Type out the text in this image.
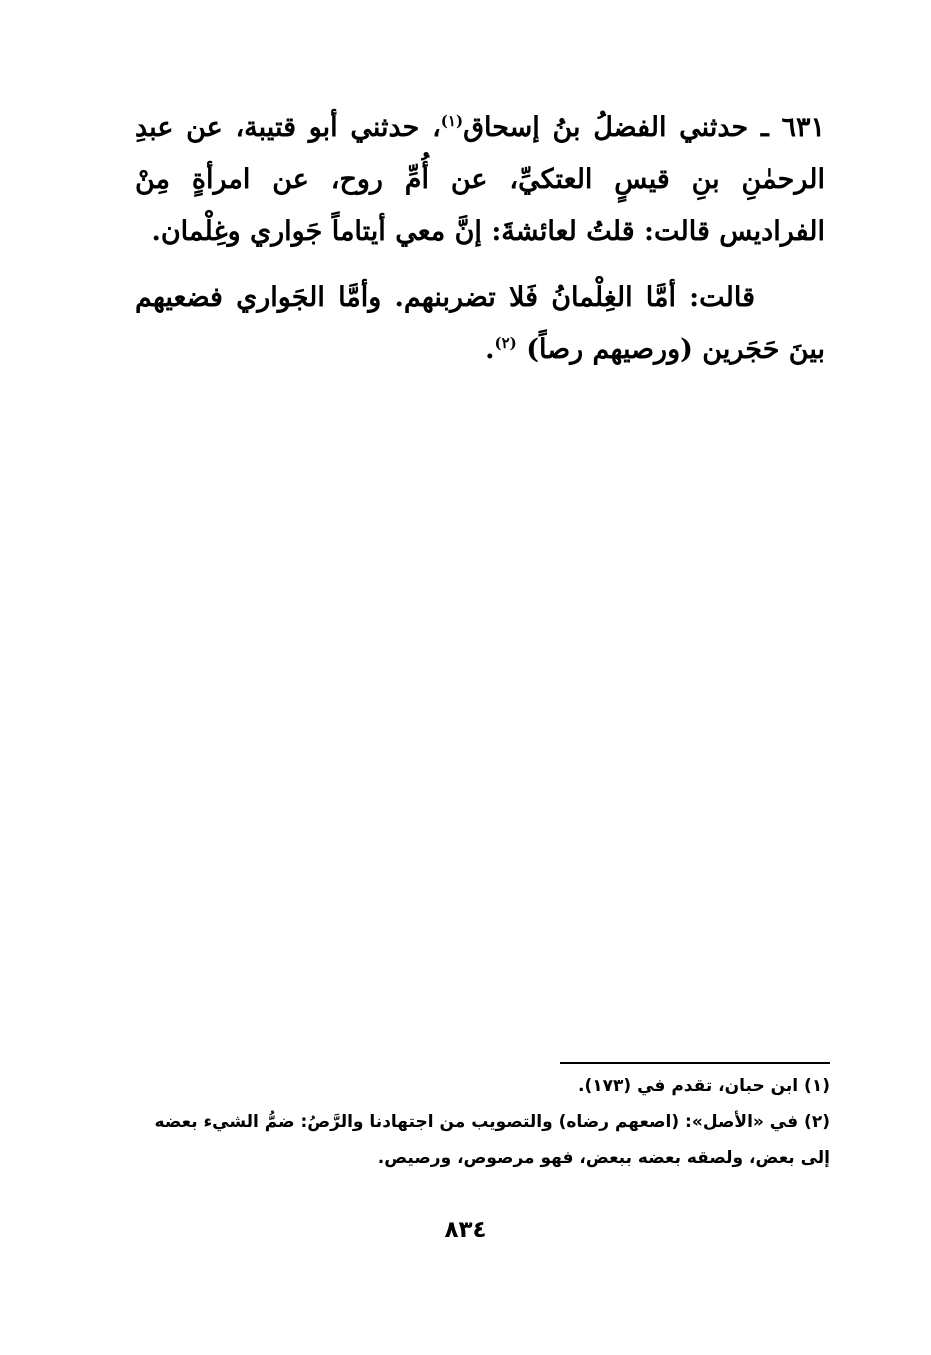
٦٣١ ـ حدثني الفضلُ بنُ إسحاق$^{(١)}$، حدثني أبو قتيبة، عن عبدِ الرحمٰنِ بنِ قيسٍ العتكيِّ، عن أُمِّ روح، عن امرأةٍ مِنْ الفراديس قالت: قلتُ لعائشةَ: إنَّ معي أيتاماً جَواري وغِلْمان.

قالت: أمَّا الغِلْمانُ فَلا تضربنهم. وأمَّا الجَواري فضعيهم بينَ حَجَرين (ورصيهم رصاً) $^{(٢)}$.

(١) ابن حبان، تقدم في (١٧٣).
(٢) في «الأصل»: (اصعهم رضاه) والتصويب من اجتهادنا والرَّصُ: ضمُّ الشيء بعضه إلى بعض، ولصقه بعضه ببعض، فهو مرصوص، ورصيص.
٨٣٤
